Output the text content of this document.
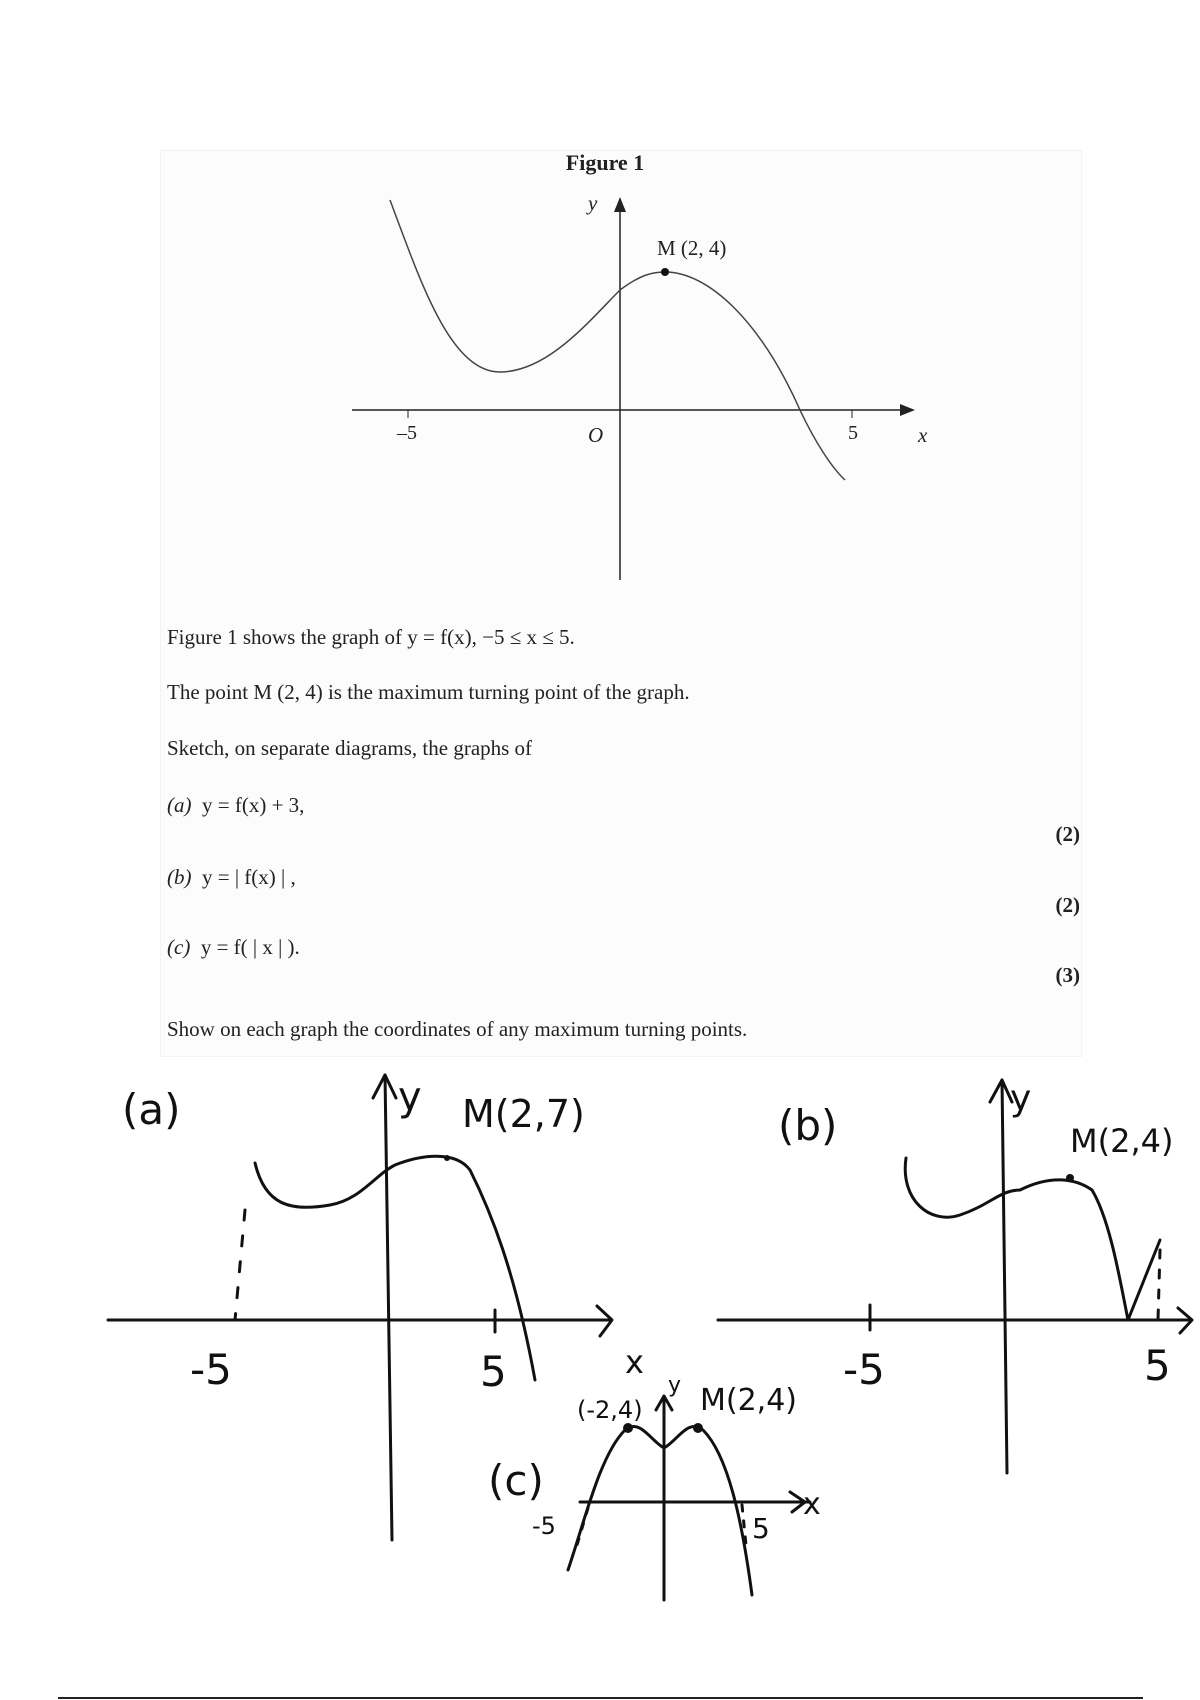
Figure 1
y
x
O
–5	5
M (2, 4)
Figure 1 shows the graph of y = f(x), −5 ≤ x ≤ 5.
The point M (2, 4) is the maximum turning point of the graph.
Sketch, on separate diagrams, the graphs of
(a) y = f(x) + 3,
(2)
(b) y = | f(x) | ,
(2)
(c) y = f( | x | ).
(3)
Show on each graph the coordinates of any maximum turning points.
(a)	y M(2,7)
-5	5	x
(b)
y
M(2,4)
-5	5
(c)
(-2,4)
y M(2,4)
-5	5
x
